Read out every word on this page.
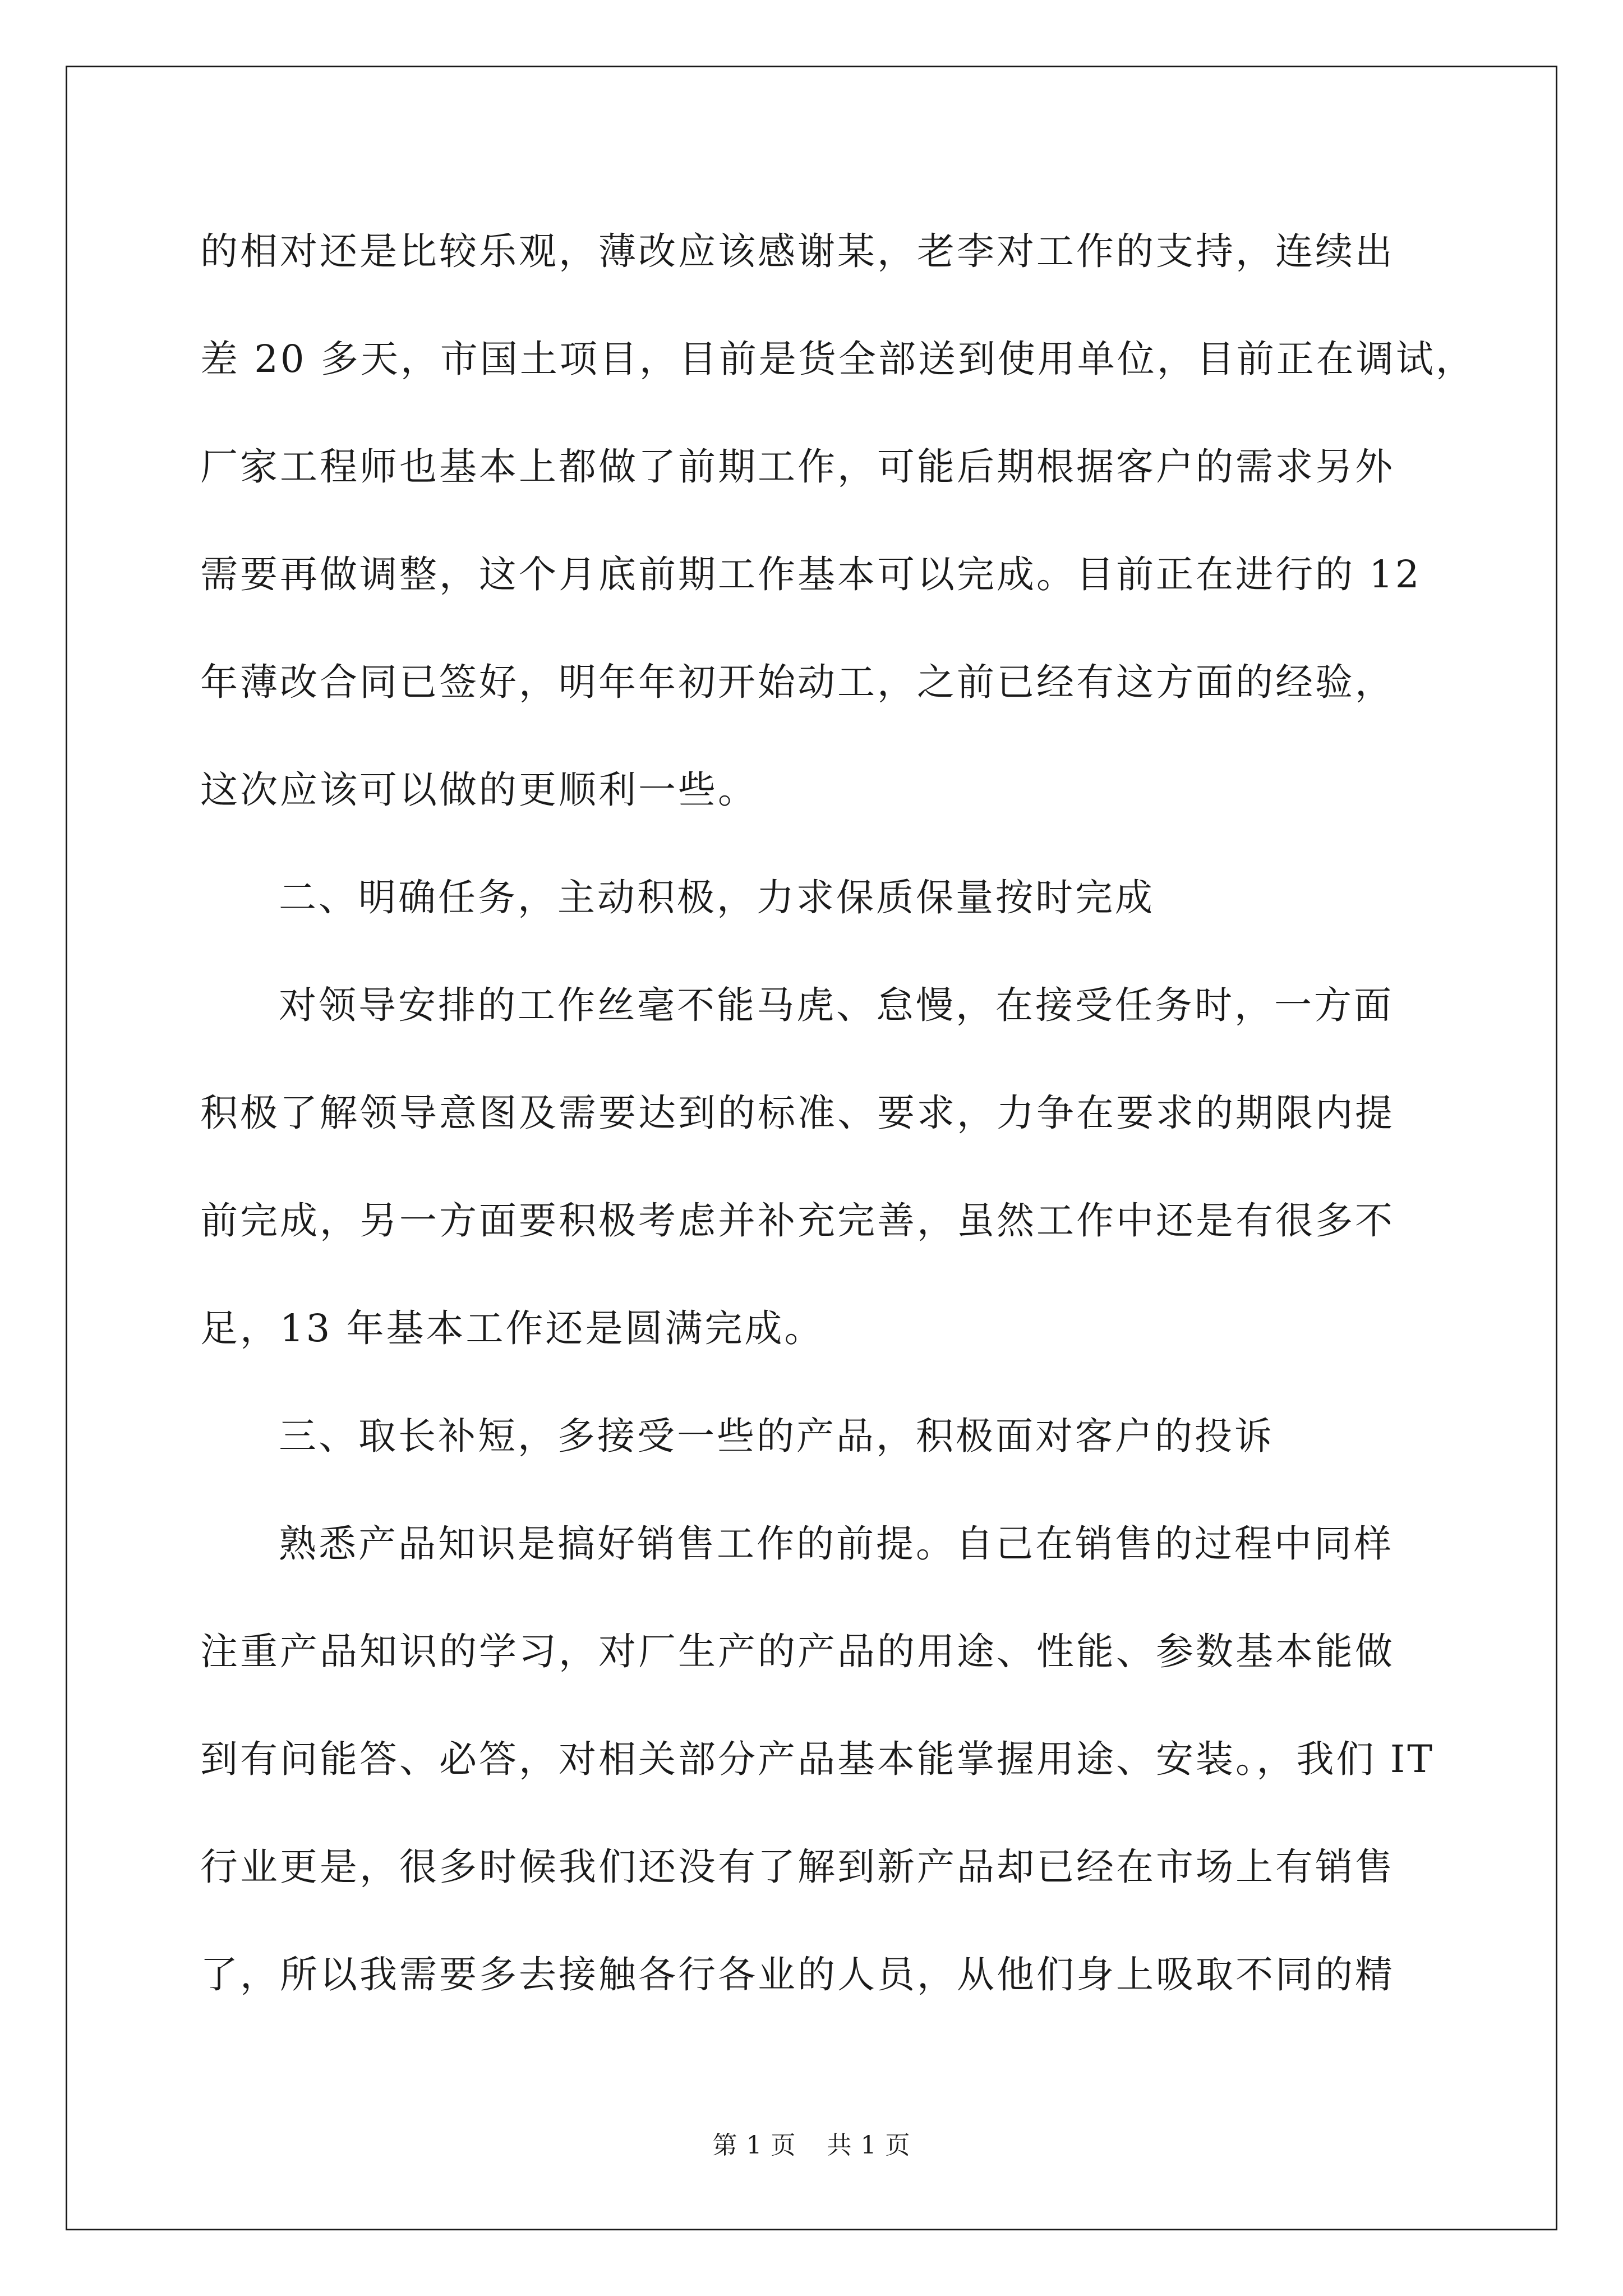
的相对还是比较乐观，薄改应该感谢某，老李对工作的支持，连续出
差 20 多天，市国土项目，目前是货全部送到使用单位，目前正在调试，
厂家工程师也基本上都做了前期工作，可能后期根据客户的需求另外
需要再做调整，这个月底前期工作基本可以完成。目前正在进行的 12
年薄改合同已签好，明年年初开始动工，之前已经有这方面的经验，
这次应该可以做的更顺利一些。
二、明确任务，主动积极，力求保质保量按时完成
对领导安排的工作丝毫不能马虎、怠慢，在接受任务时，一方面
积极了解领导意图及需要达到的标准、要求，力争在要求的期限内提
前完成，另一方面要积极考虑并补充完善，虽然工作中还是有很多不
足，13 年基本工作还是圆满完成。
三、取长补短，多接受一些的产品，积极面对客户的投诉
熟悉产品知识是搞好销售工作的前提。自己在销售的过程中同样
注重产品知识的学习，对厂生产的产品的用途、性能、参数基本能做
到有问能答、必答，对相关部分产品基本能掌握用途、安装。，我们 IT
行业更是，很多时候我们还没有了解到新产品却已经在市场上有销售
了，所以我需要多去接触各行各业的人员，从他们身上吸取不同的精
第 1 页 共 1 页
